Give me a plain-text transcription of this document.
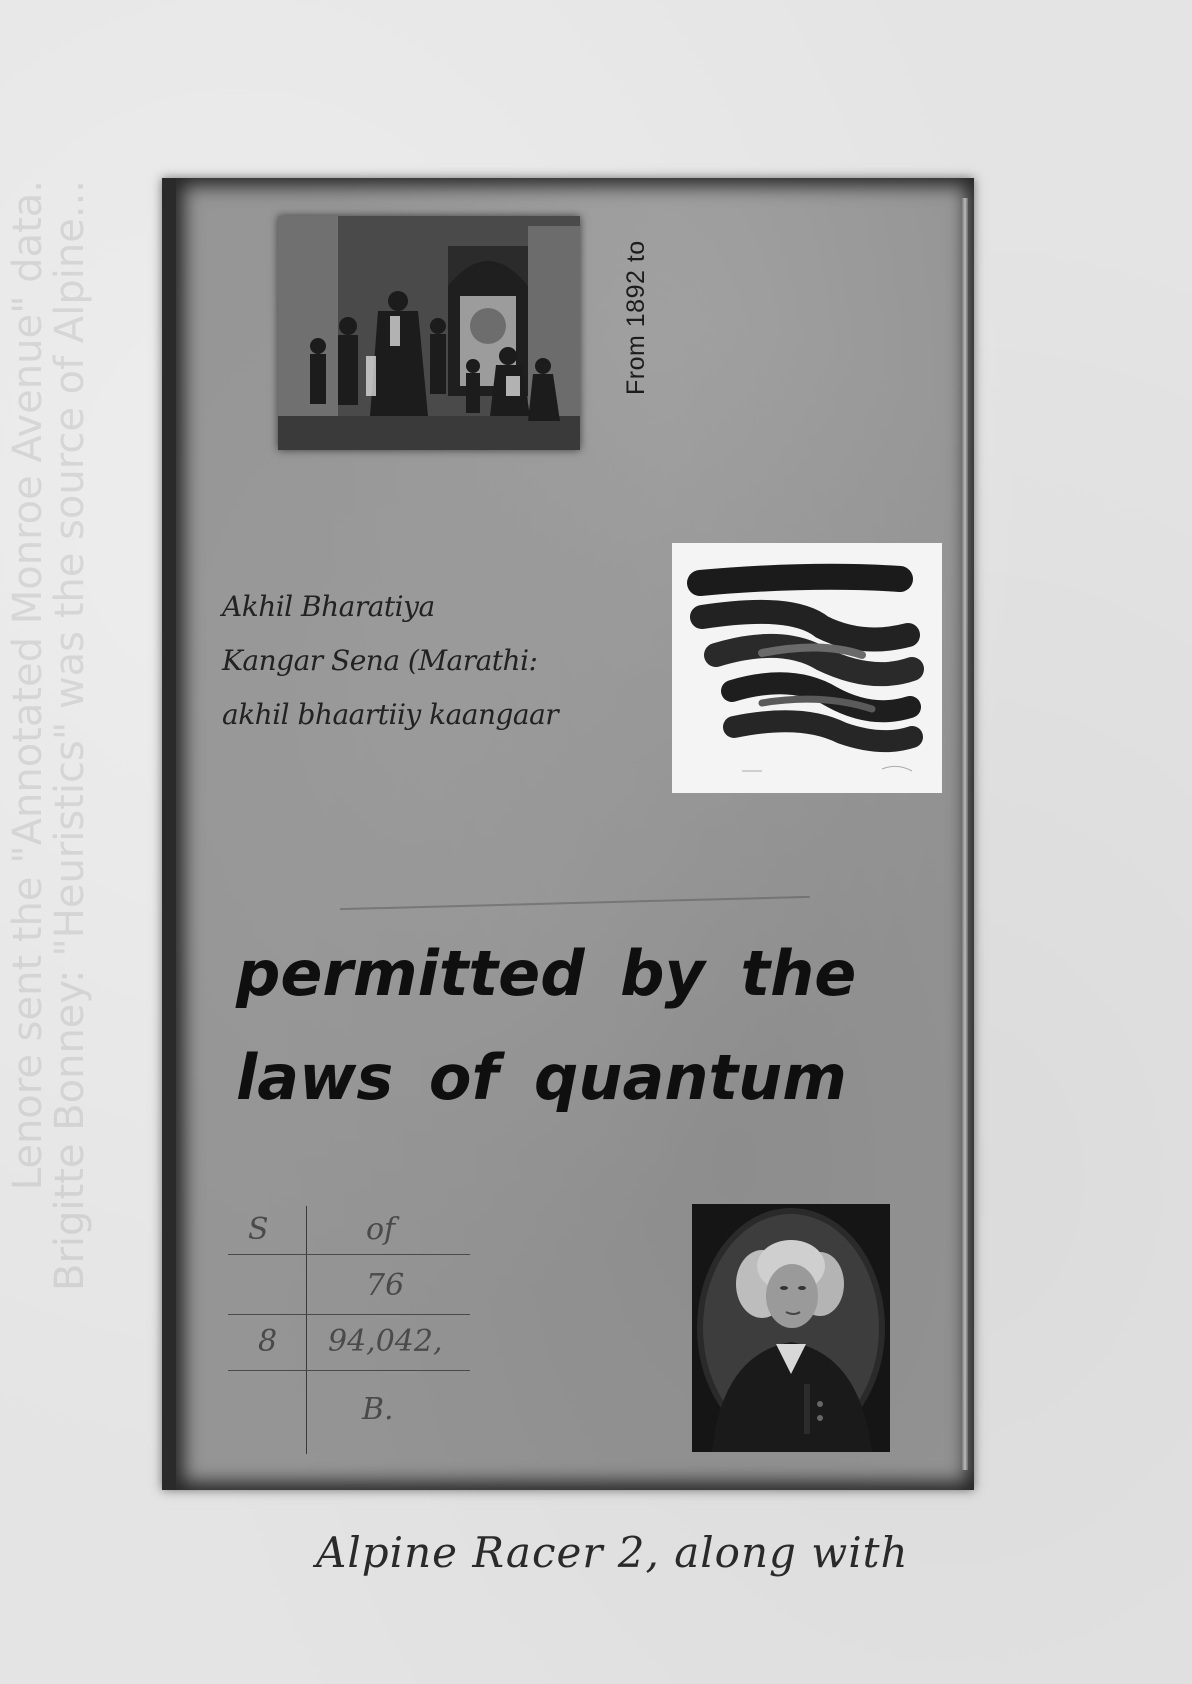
Lenore sent the "Annotated Monroe Avenue" data.
Brigitte Bonney: "Heuristics" was the source of Alpine...	From 1892 to
Akhil Bharatiya
Kangar Sena (Marathi:
akhil bhaartiiy kaangaar
permitted by the
laws of quantum
S	of
76
8 94,042,
B.
Alpine Racer 2, along with
